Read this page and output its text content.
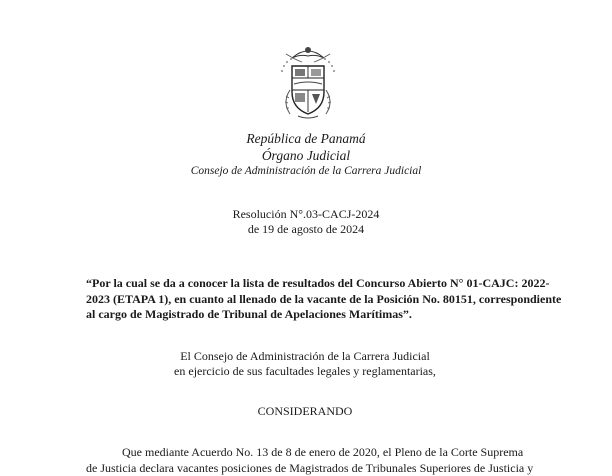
República de Panamá
Órgano Judicial
Consejo de Administración de la Carrera Judicial
Resolución N°.03-CACJ-2024
de 19 de agosto de 2024
“Por la cual se da a conocer la lista de resultados del Concurso Abierto N° 01-CAJC: 2022-
2023 (ETAPA 1), en cuanto al llenado de la vacante de la Posición No. 80151, correspondiente
al cargo de Magistrado de Tribunal de Apelaciones Marítimas”.
El Consejo de Administración de la Carrera Judicial
en ejercicio de sus facultades legales y reglamentarias,
CONSIDERANDO
Que mediante Acuerdo No. 13 de 8 de enero de 2020, el Pleno de la Corte Suprema
de Justicia declara vacantes posiciones de Magistrados de Tribunales Superiores de Justicia y
